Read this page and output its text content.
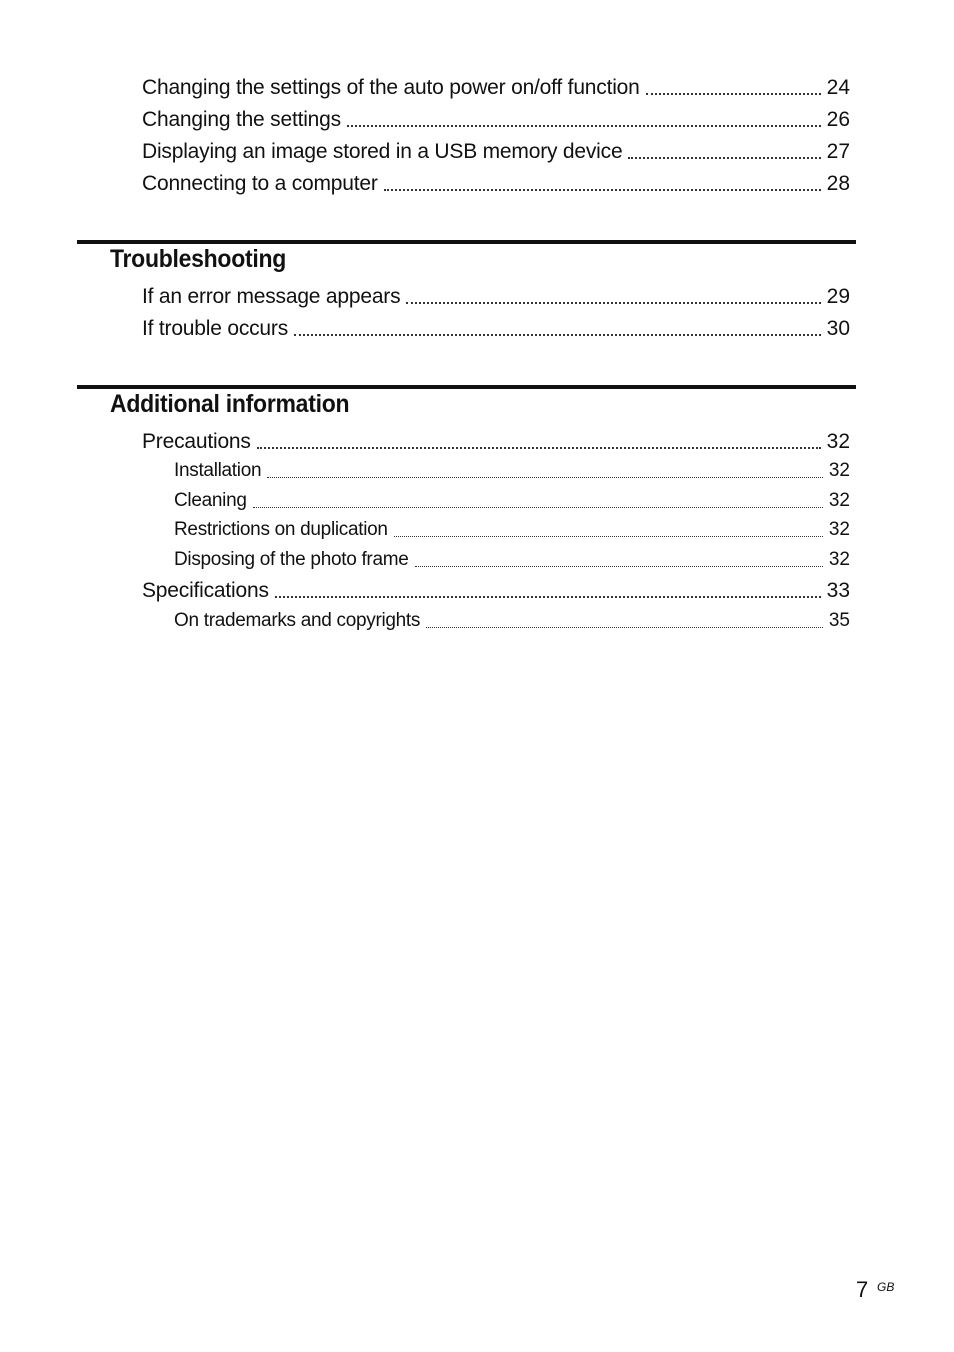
Changing the settings of the auto power on/off function	24
Changing the settings	26
Displaying an image stored in a USB memory device	27
Connecting to a computer	28
Troubleshooting
If an error message appears	29
If trouble occurs	30
Additional information
Precautions	32
Installation	32
Cleaning	32
Restrictions on duplication	32
Disposing of the photo frame	32
Specifications	33
On trademarks and copyrights	35
7 GB
